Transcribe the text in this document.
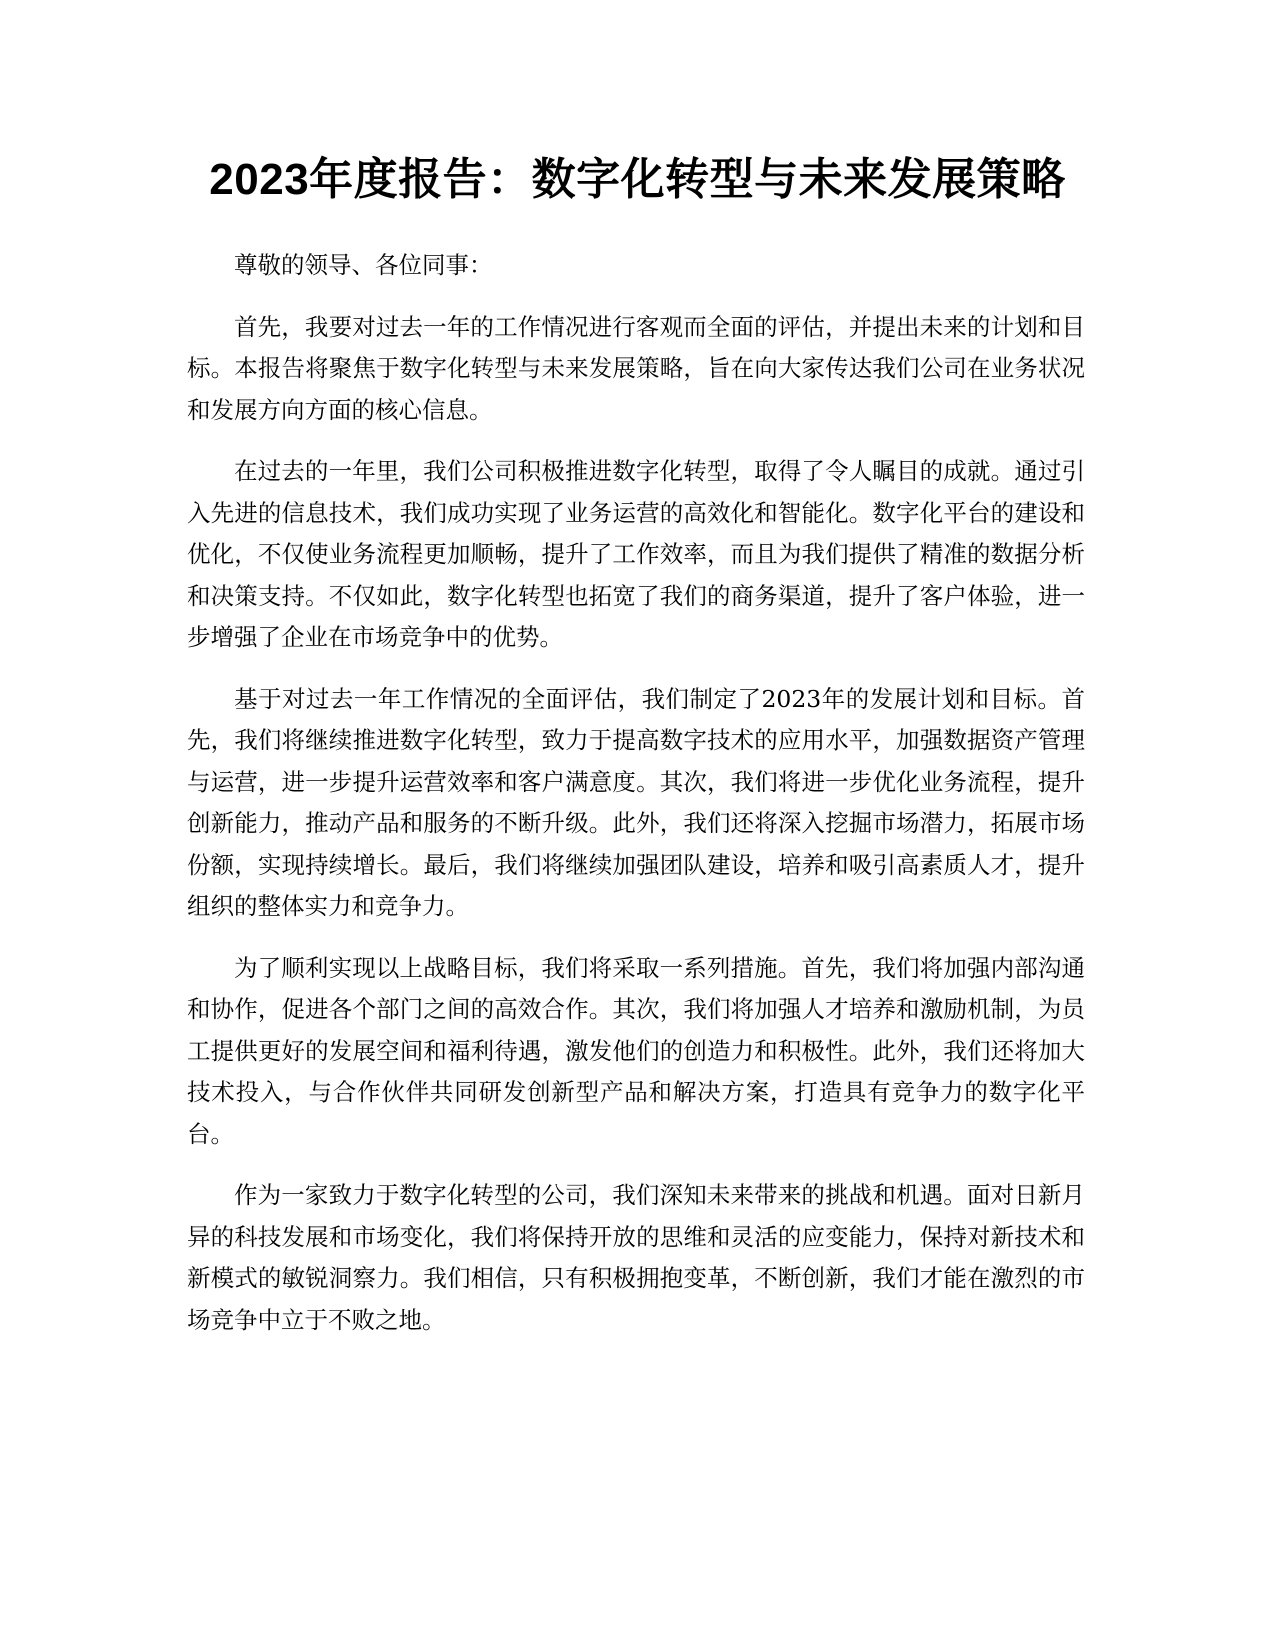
2023年度报告：数字化转型与未来发展策略

尊敬的领导、各位同事：

首先，我要对过去一年的工作情况进行客观而全面的评估，并提出未来的计划和目标。本报告将聚焦于数字化转型与未来发展策略，旨在向大家传达我们公司在业务状况和发展方向方面的核心信息。

在过去的一年里，我们公司积极推进数字化转型，取得了令人瞩目的成就。通过引入先进的信息技术，我们成功实现了业务运营的高效化和智能化。数字化平台的建设和优化，不仅使业务流程更加顺畅，提升了工作效率，而且为我们提供了精准的数据分析和决策支持。不仅如此，数字化转型也拓宽了我们的商务渠道，提升了客户体验，进一步增强了企业在市场竞争中的优势。

基于对过去一年工作情况的全面评估，我们制定了2023年的发展计划和目标。首先，我们将继续推进数字化转型，致力于提高数字技术的应用水平，加强数据资产管理与运营，进一步提升运营效率和客户满意度。其次，我们将进一步优化业务流程，提升创新能力，推动产品和服务的不断升级。此外，我们还将深入挖掘市场潜力，拓展市场份额，实现持续增长。最后，我们将继续加强团队建设，培养和吸引高素质人才，提升组织的整体实力和竞争力。

为了顺利实现以上战略目标，我们将采取一系列措施。首先，我们将加强内部沟通和协作，促进各个部门之间的高效合作。其次，我们将加强人才培养和激励机制，为员工提供更好的发展空间和福利待遇，激发他们的创造力和积极性。此外，我们还将加大技术投入，与合作伙伴共同研发创新型产品和解决方案，打造具有竞争力的数字化平台。

作为一家致力于数字化转型的公司，我们深知未来带来的挑战和机遇。面对日新月异的科技发展和市场变化，我们将保持开放的思维和灵活的应变能力，保持对新技术和新模式的敏锐洞察力。我们相信，只有积极拥抱变革，不断创新，我们才能在激烈的市场竞争中立于不败之地。
